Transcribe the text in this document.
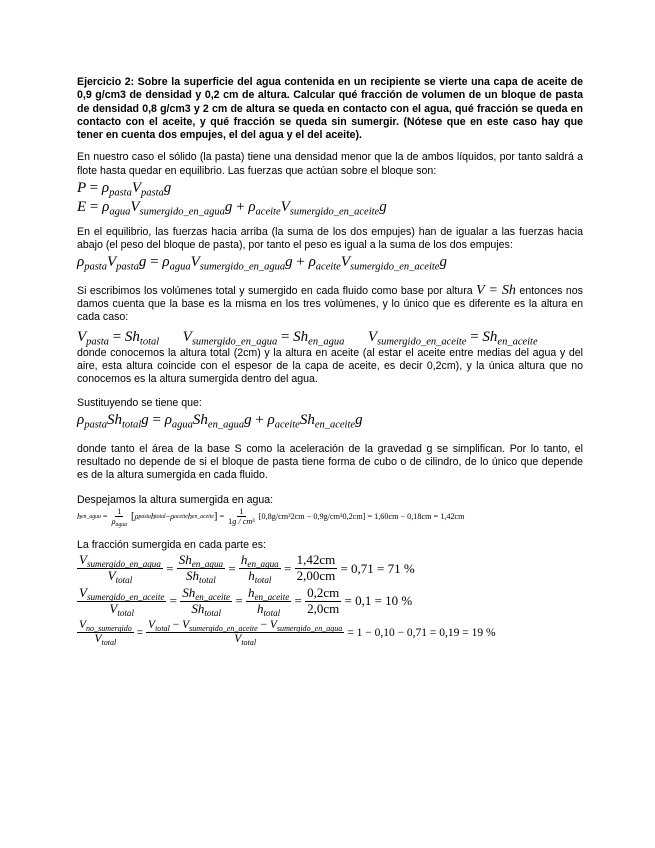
Ejercicio 2: Sobre la superficie del agua contenida en un recipiente se vierte una capa de aceite de 0,9 g/cm3 de densidad y 0,2 cm de altura. Calcular qué fracción de volumen de un bloque de pasta de densidad 0,8 g/cm3 y 2 cm de altura se queda en contacto con el agua, qué fracción se queda en contacto con el aceite, y qué fracción se queda sin sumergir. (Nótese que en este caso hay que tener en cuenta dos empujes, el del agua y el del aceite).

En nuestro caso el sólido (la pasta) tiene una densidad menor que la de ambos líquidos, por tanto saldrá a flote hasta quedar en equilibrio. Las fuerzas que actúan sobre el bloque son:

$P = \rho_{pasta}V_{pasta}g$
$E = \rho_{agua}V_{sumergido\_en\_agua}g + \rho_{aceite}V_{sumergido\_en\_aceite}g$

En el equilibrio, las fuerzas hacia arriba (la suma de los dos empujes) han de igualar a las fuerzas hacia abajo (el peso del bloque de pasta), por tanto el peso es igual a la suma de los dos empujes:

$\rho_{pasta}V_{pasta}g = \rho_{agua}V_{sumergido\_en\_agua}g + \rho_{aceite}V_{sumergido\_en\_aceite}g$

Si escribimos los volúmenes total y sumergido en cada fluido como base por altura V = Sh entonces nos damos cuenta que la base es la misma en los tres volúmenes, y lo único que es diferente es la altura en cada caso:

$V_{pasta} = Sh_{total}$  $V_{sumergido\_en\_agua} = Sh_{en\_agua}$  $V_{sumergido\_en\_aceite} = Sh_{en\_aceite}$

donde conocemos la altura total (2cm) y la altura en aceite (al estar el aceite entre medias del agua y del aire, esta altura coincide con el espesor de la capa de aceite, es decir 0,2cm), y la única altura que no conocemos es la altura sumergida dentro del agua.

Sustituyendo se tiene que:

$\rho_{pasta}Sh_{total}g = \rho_{agua}Sh_{en\_agua}g + \rho_{aceite}Sh_{en\_aceite}g$

donde tanto el área de la base S como la aceleración de la gravedad g se simplifican. Por lo tanto, el resultado no depende de si el bloque de pasta tiene forma de cubo o de cilindro, de lo único que depende es de la altura sumergida en cada fluido.

Despejamos la altura sumergida en agua:

h en_agua
=
$\frac{1}{\rho_{agua}}$
[ ρ pasta h total − ρ aceite h en_aceite ]
=
$\frac{1}{\text{1g / cm³}}$
[0,8g/cm³2cm − 0,9g/cm³0,2cm] = 1,60cm − 0,18cm = 1,42cm

La fracción sumergida en cada parte es:

$\frac{V_{sumergido\_en\_agua}}{V_{total}}$
=
$\frac{Sh_{en\_agua}}{Sh_{total}}$
=
$\frac{h_{en\_agua}}{h_{total}}$
=
$\frac{1,42cm}{2,00cm}$
= 0,71 = 71 %
$\frac{V_{sumergido\_en\_aceite}}{V_{total}}$
=
$\frac{Sh_{en\_aceite}}{Sh_{total}}$
=
$\frac{h_{en\_aceite}}{h_{total}}$
=
$\frac{0,2cm}{2,0cm}$
= 0,1 = 10 %
$\frac{V_{no\_sumergido}}{V_{total}}$
=
$\frac{V_{total} - V_{sumergido\_en\_aceite} - V_{sumergido\_en\_agua}}{V_{total}}$
= 1 − 0,10 − 0,71 = 0,19 = 19 %
